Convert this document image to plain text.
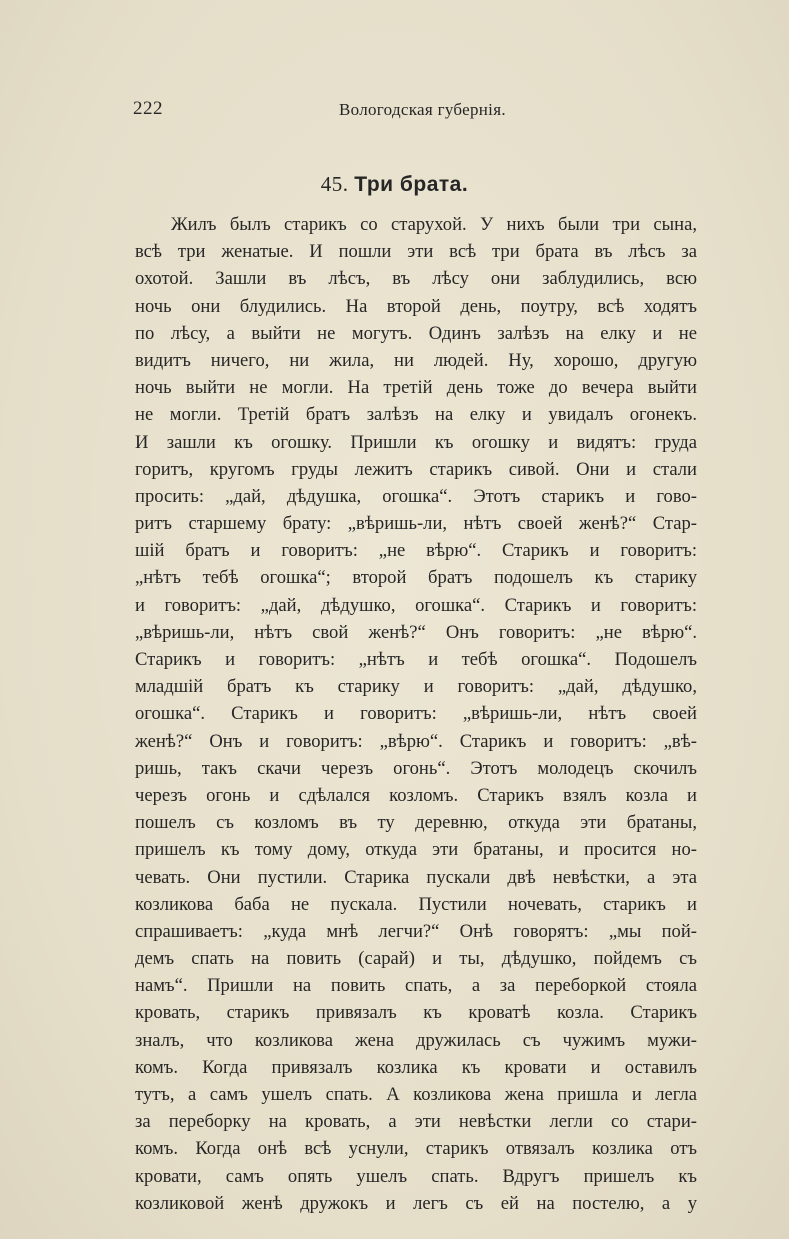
222	Вологодская губернія.
45. Три брата.
Жилъ былъ старикъ со старухой. У нихъ были три сына,
всѣ три женатые. И пошли эти всѣ три брата въ лѣсъ за
охотой. Зашли въ лѣсъ, въ лѣсу они заблудились, всю
ночь они блудились. На второй день, поутру, всѣ ходятъ
по лѣсу, а выйти не могутъ. Одинъ залѣзъ на елку и не
видитъ ничего, ни жила, ни людей. Ну, хорошо, другую
ночь выйти не могли. На третій день тоже до вечера выйти
не могли. Третій братъ залѣзъ на елку и увидалъ огонекъ.
И зашли къ огошку. Пришли къ огошку и видятъ: груда
горитъ, кругомъ груды лежитъ старикъ сивой. Они и стали
просить: „дай, дѣдушка, огошка“. Этотъ старикъ и гово-
ритъ старшему брату: „вѣришь-ли, нѣтъ своей женѣ?“ Стар-
шій братъ и говоритъ: „не вѣрю“. Старикъ и говоритъ:
„нѣтъ тебѣ огошка“; второй братъ подошелъ къ старику
и говоритъ: „дай, дѣдушко, огошка“. Старикъ и говоритъ:
„вѣришь-ли, нѣтъ свой женѣ?“ Онъ говоритъ: „не вѣрю“.
Старикъ и говоритъ: „нѣтъ и тебѣ огошка“. Подошелъ
младшій братъ къ старику и говоритъ: „дай, дѣдушко,
огошка“. Старикъ и говоритъ: „вѣришь-ли, нѣтъ своей
женѣ?“ Онъ и говоритъ: „вѣрю“. Старикъ и говоритъ: „вѣ-
ришь, такъ скачи черезъ огонь“. Этотъ молодецъ скочилъ
черезъ огонь и сдѣлался козломъ. Старикъ взялъ козла и
пошелъ съ козломъ въ ту деревню, откуда эти братаны,
пришелъ къ тому дому, откуда эти братаны, и просится но-
чевать. Они пустили. Старика пускали двѣ невѣстки, а эта
козликова баба не пускала. Пустили ночевать, старикъ и
спрашиваетъ: „куда мнѣ легчи?“ Онѣ говорятъ: „мы пой-
демъ спать на повить (сарай) и ты, дѣдушко, пойдемъ съ
намъ“. Пришли на повить спать, а за переборкой стояла
кровать, старикъ привязалъ къ кроватѣ козла. Старикъ
зналъ, что козликова жена дружилась съ чужимъ мужи-
комъ. Когда привязалъ козлика къ кровати и оставилъ
тутъ, а самъ ушелъ спать. А козликова жена пришла и легла
за переборку на кровать, а эти невѣстки легли со стари-
комъ. Когда онѣ всѣ уснули, старикъ отвязалъ козлика отъ
кровати, самъ опять ушелъ спать. Вдругъ пришелъ къ
козликовой женѣ дружокъ и легъ съ ей на постелю, а у
